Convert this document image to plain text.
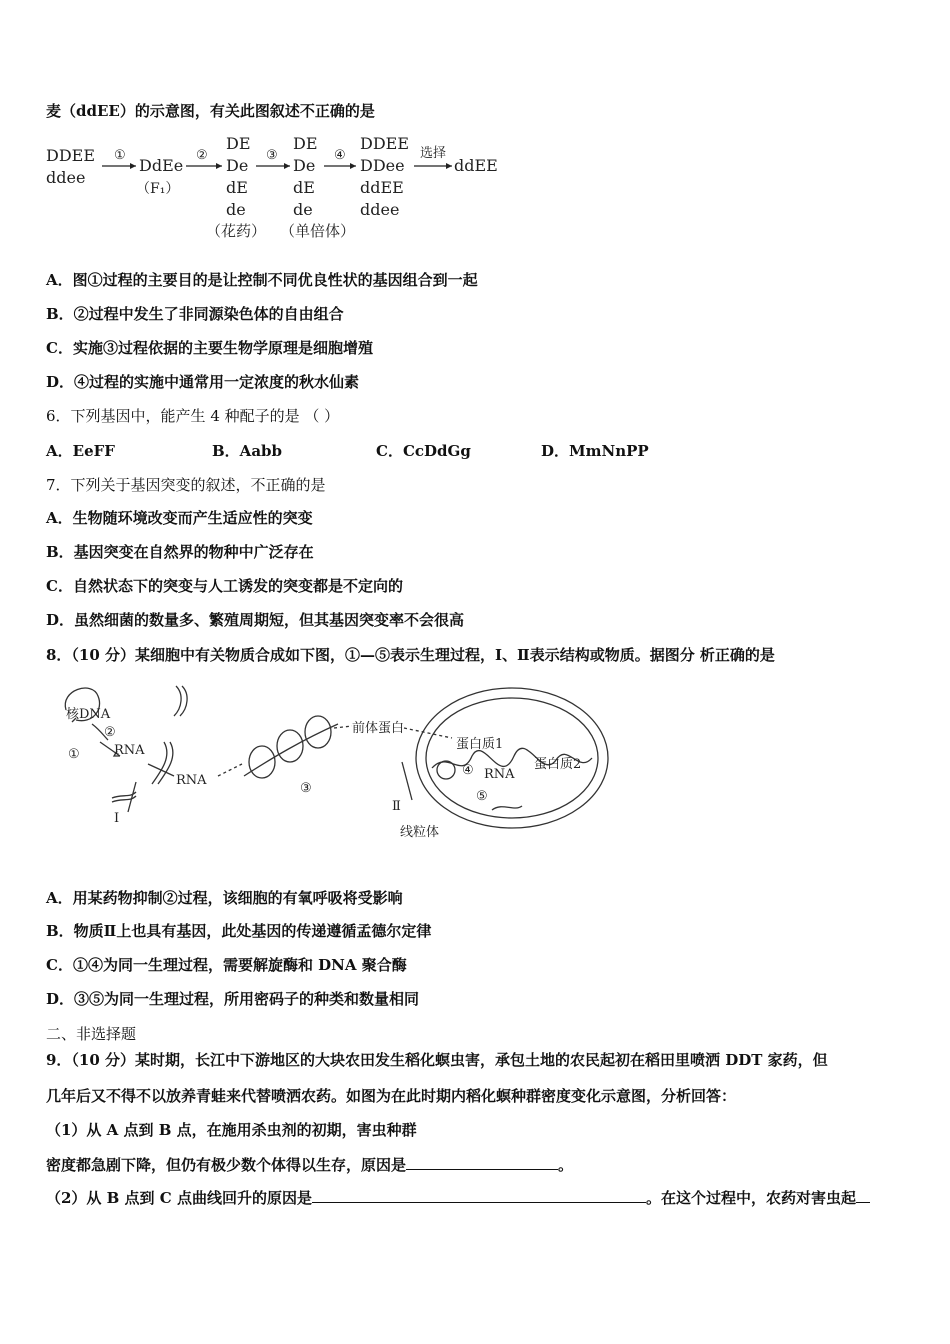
麦（ddEE）的示意图，有关此图叙述不正确的是
DDEE
ddee
①
DdEe
（F₁）
②
DE
De
dE
de
③
DE
De
dE
de
④
DDEE
DDee
ddEE
ddee
选择
ddEE
（花药） （单倍体）
A．图①过程的主要目的是让控制不同优良性状的基因组合到一起
B．②过程中发生了非同源染色体的自由组合
C．实施③过程依据的主要生物学原理是细胞增殖
D．④过程的实施中通常用一定浓度的秋水仙素
6．下列基因中，能产生 4 种配子的是 （ ）
A．EeFF	B．Aabb	C．CcDdGg	D．MmNnPP
7．下列关于基因突变的叙述，不正确的是
A．生物随环境改变而产生适应性的突变
B．基因突变在自然界的物种中广泛存在
C．自然状态下的突变与人工诱发的突变都是不定向的
D．虽然细菌的数量多、繁殖周期短，但其基因突变率不会很高
8．（10 分）某细胞中有关物质合成如下图，①—⑤表示生理过程，Ⅰ、Ⅱ表示结构或物质。据图分 析正确的是
核DNA
②
①	RNA
RNA
Ⅰ
③
前体蛋白
蛋白质1
蛋白质2
④
⑤
RNA
Ⅱ
线粒体
A．用某药物抑制②过程，该细胞的有氧呼吸将受影响
B．物质Ⅱ上也具有基因，此处基因的传递遵循孟德尔定律
C．①④为同一生理过程，需要解旋酶和 DNA 聚合酶
D．③⑤为同一生理过程，所用密码子的种类和数量相同
二、非选择题
9．（10 分）某时期，长江中下游地区的大块农田发生稻化螟虫害，承包土地的农民起初在稻田里喷洒 DDT 家药，但
几年后又不得不以放养青蛙来代替喷洒农药。如图为在此时期内稻化螟种群密度变化示意图，分析回答：
（1）从 A 点到 B 点，在施用杀虫剂的初期，害虫种群
密度都急剧下降，但仍有极少数个体得以生存，原因是	。
（2）从 B 点到 C 点曲线回升的原因是	。在这个过程中，农药对害虫起
